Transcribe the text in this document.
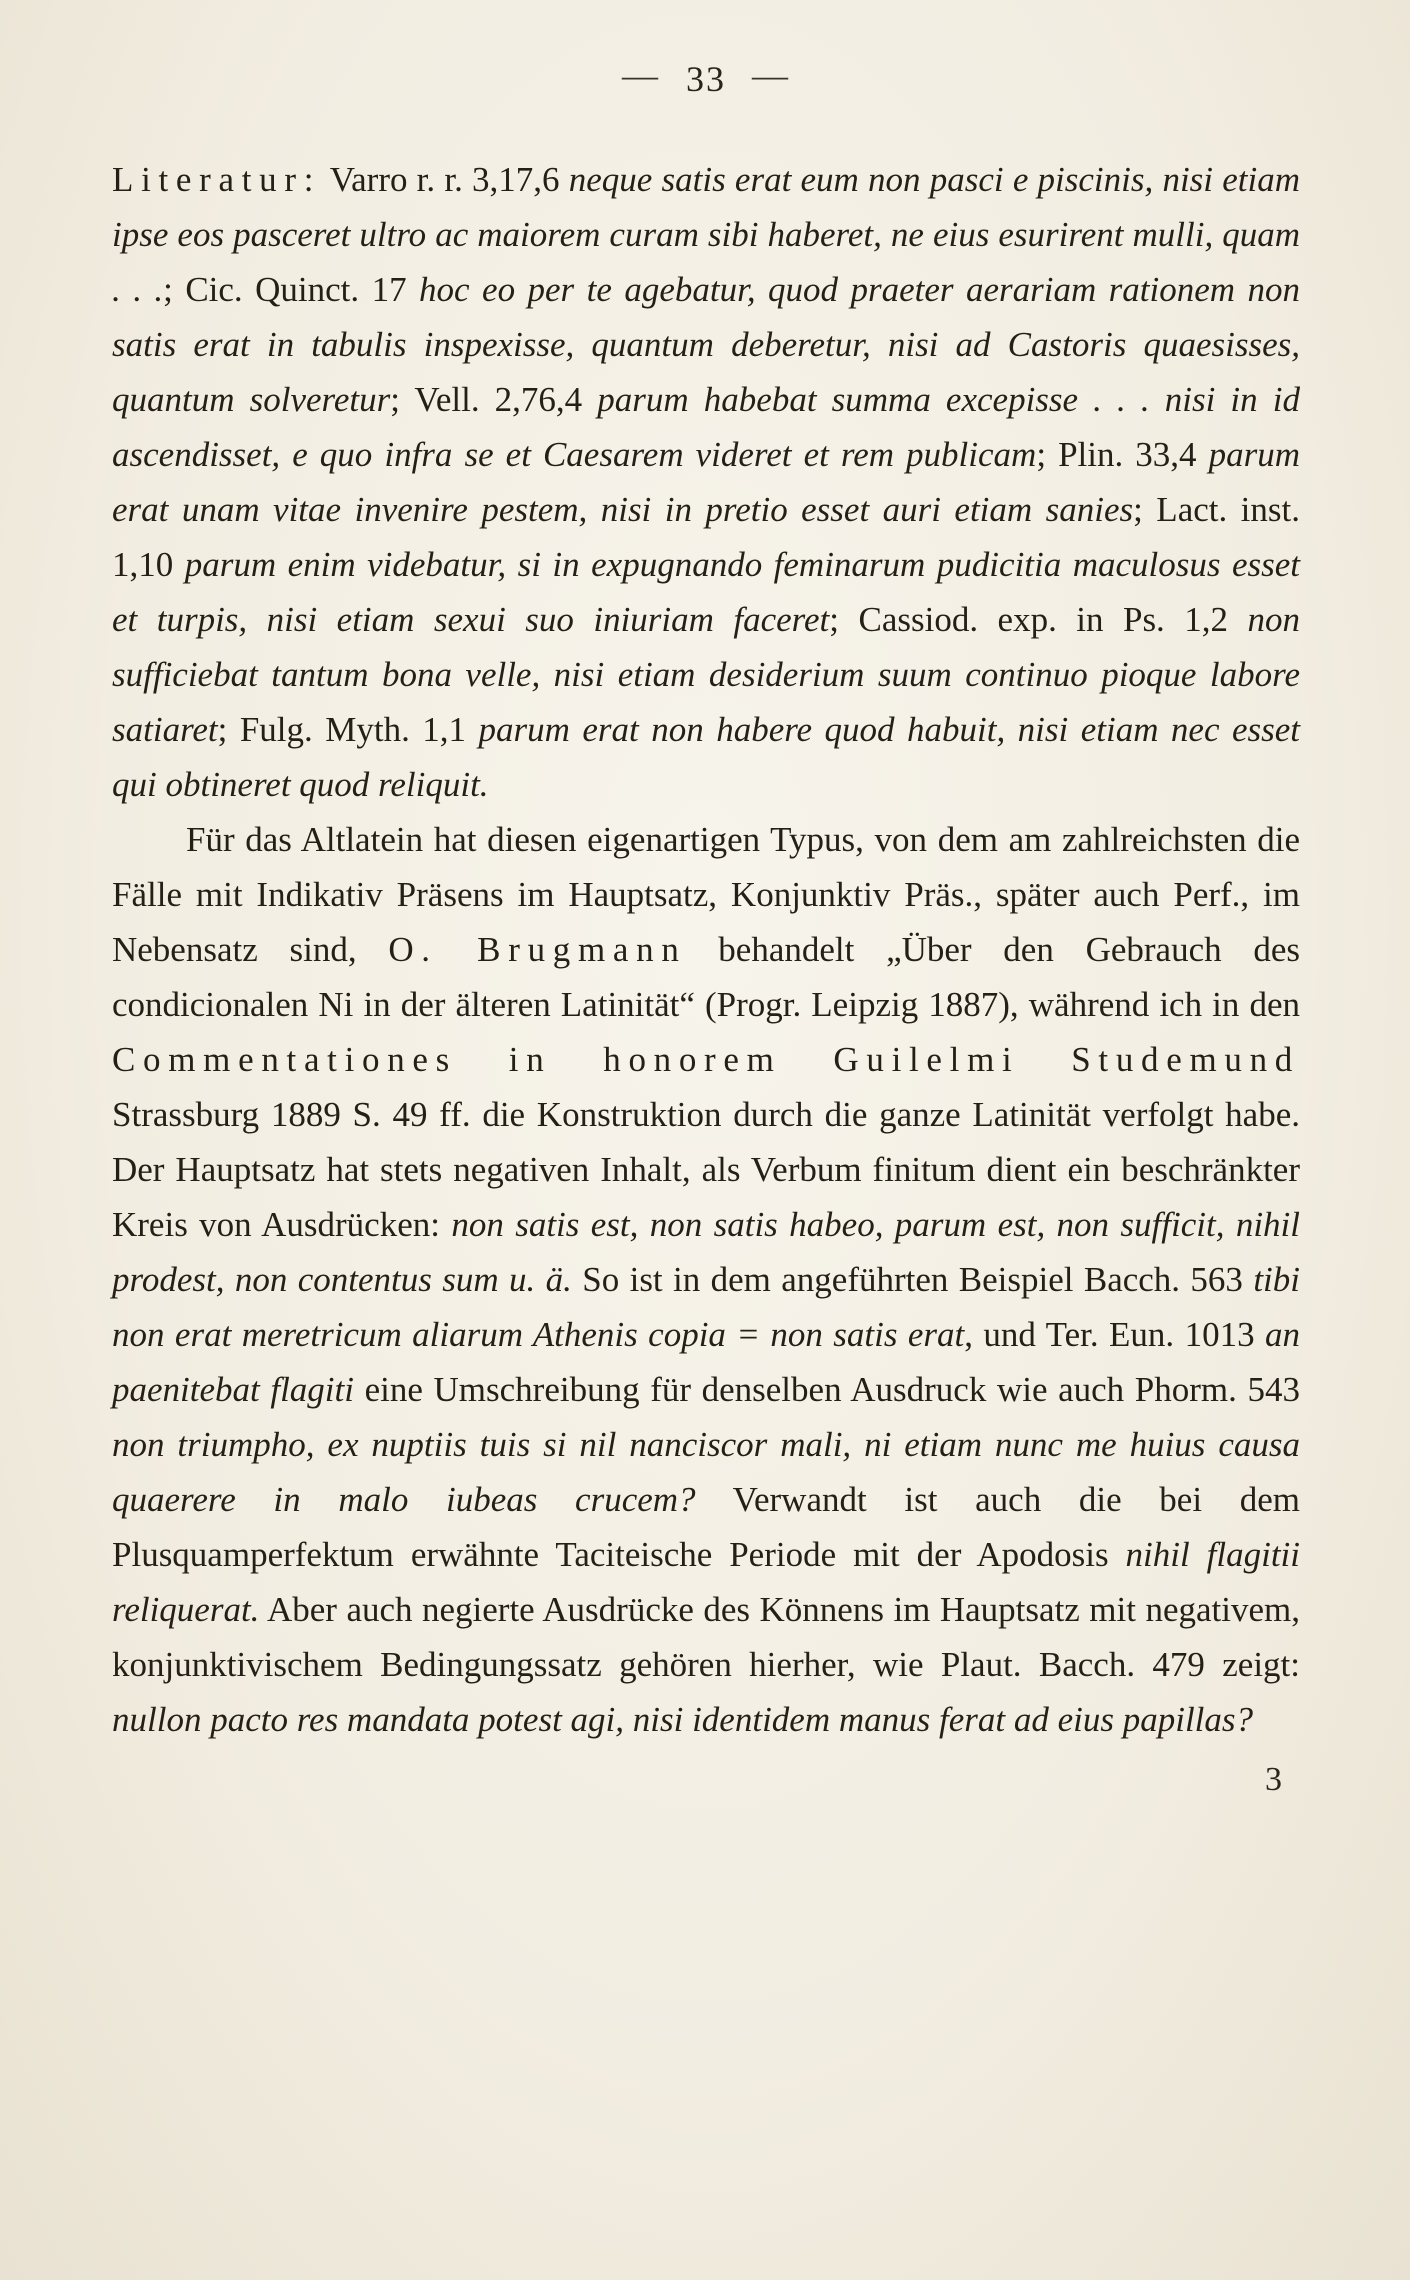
— 33 —

Literatur: Varro r. r. 3,17,6 neque satis erat eum non pasci e piscinis, nisi etiam ipse eos pasceret ultro ac maiorem curam sibi haberet, ne eius esurirent mulli, quam . . .; Cic. Quinct. 17 hoc eo per te agebatur, quod praeter aerariam rationem non satis erat in tabulis inspexisse, quantum deberetur, nisi ad Castoris quaesisses, quantum solveretur; Vell. 2,76,4 parum habebat summa excepisse . . . nisi in id ascendisset, e quo infra se et Caesarem videret et rem publicam; Plin. 33,4 parum erat unam vitae invenire pestem, nisi in pretio esset auri etiam sanies; Lact. inst. 1,10 parum enim videbatur, si in expugnando feminarum pudicitia maculosus esset et turpis, nisi etiam sexui suo iniuriam faceret; Cassiod. exp. in Ps. 1,2 non sufficiebat tantum bona velle, nisi etiam desiderium suum continuo pioque labore satiaret; Fulg. Myth. 1,1 parum erat non habere quod habuit, nisi etiam nec esset qui obtineret quod reliquit.

Für das Altlatein hat diesen eigenartigen Typus, von dem am zahlreichsten die Fälle mit Indikativ Präsens im Hauptsatz, Konjunktiv Präs., später auch Perf., im Nebensatz sind, O. Brugmann behandelt „Über den Gebrauch des condicionalen Ni in der älteren Latinität“ (Progr. Leipzig 1887), während ich in den Commentationes in honorem Guilelmi Studemund Strassburg 1889 S. 49 ff. die Konstruktion durch die ganze Latinität verfolgt habe. Der Hauptsatz hat stets negativen Inhalt, als Verbum finitum dient ein beschränkter Kreis von Ausdrücken: non satis est, non satis habeo, parum est, non sufficit, nihil prodest, non contentus sum u. ä. So ist in dem angeführten Beispiel Bacch. 563 tibi non erat meretricum aliarum Athenis copia = non satis erat, und Ter. Eun. 1013 an paenitebat flagiti eine Umschreibung für denselben Ausdruck wie auch Phorm. 543 non triumpho, ex nuptiis tuis si nil nanciscor mali, ni etiam nunc me huius causa quaerere in malo iubeas crucem? Verwandt ist auch die bei dem Plusquamperfektum erwähnte Taciteische Periode mit der Apodosis nihil flagitii reliquerat. Aber auch negierte Ausdrücke des Könnens im Hauptsatz mit negativem, konjunktivischem Bedingungssatz gehören hierher, wie Plaut. Bacch. 479 zeigt: nullon pacto res mandata potest agi, nisi identidem manus ferat ad eius papillas?

3
